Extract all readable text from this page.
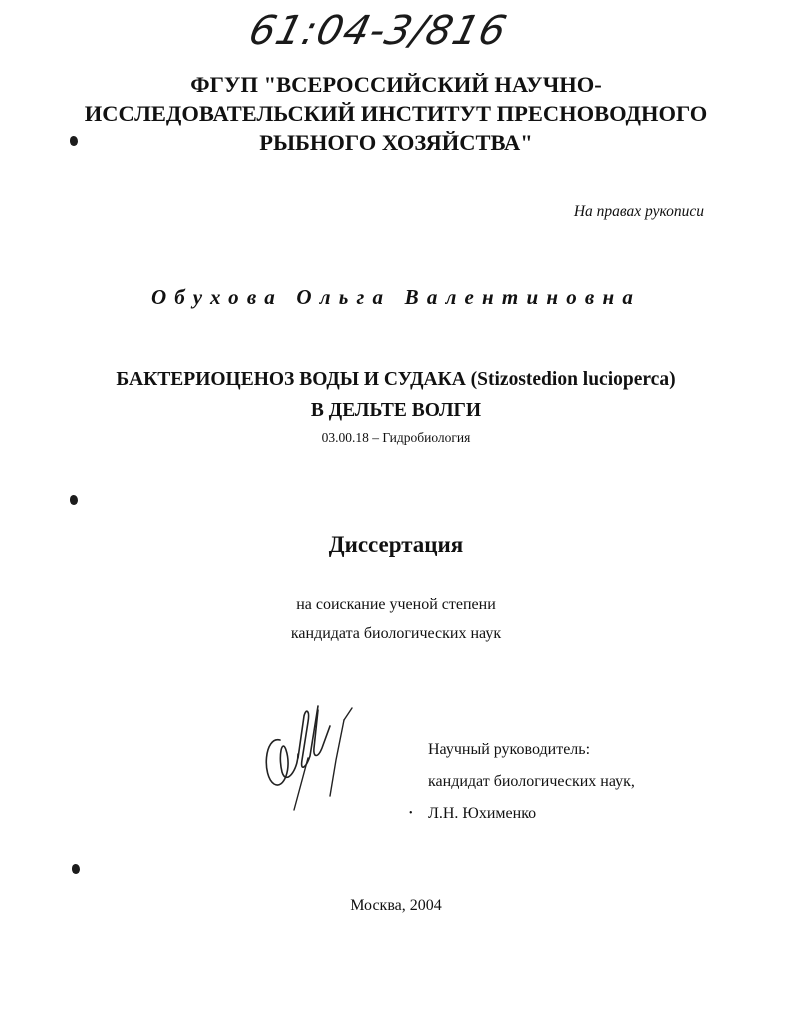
61:04-3/816
ФГУП "ВСЕРОССИЙСКИЙ НАУЧНО-
ИССЛЕДОВАТЕЛЬСКИЙ ИНСТИТУТ ПРЕСНОВОДНОГО
РЫБНОГО ХОЗЯЙСТВА"
На правах рукописи
Обухова Ольга Валентиновна
БАКТЕРИОЦЕНОЗ ВОДЫ И СУДАКА (Stizostedion lucioperca)
В ДЕЛЬТЕ ВОЛГИ
03.00.18 – Гидробиология
Диссертация
на соискание ученой степени
кандидата биологических наук
Научный руководитель:
кандидат биологических наук,
• Л.Н. Юхименко
Москва, 2004
